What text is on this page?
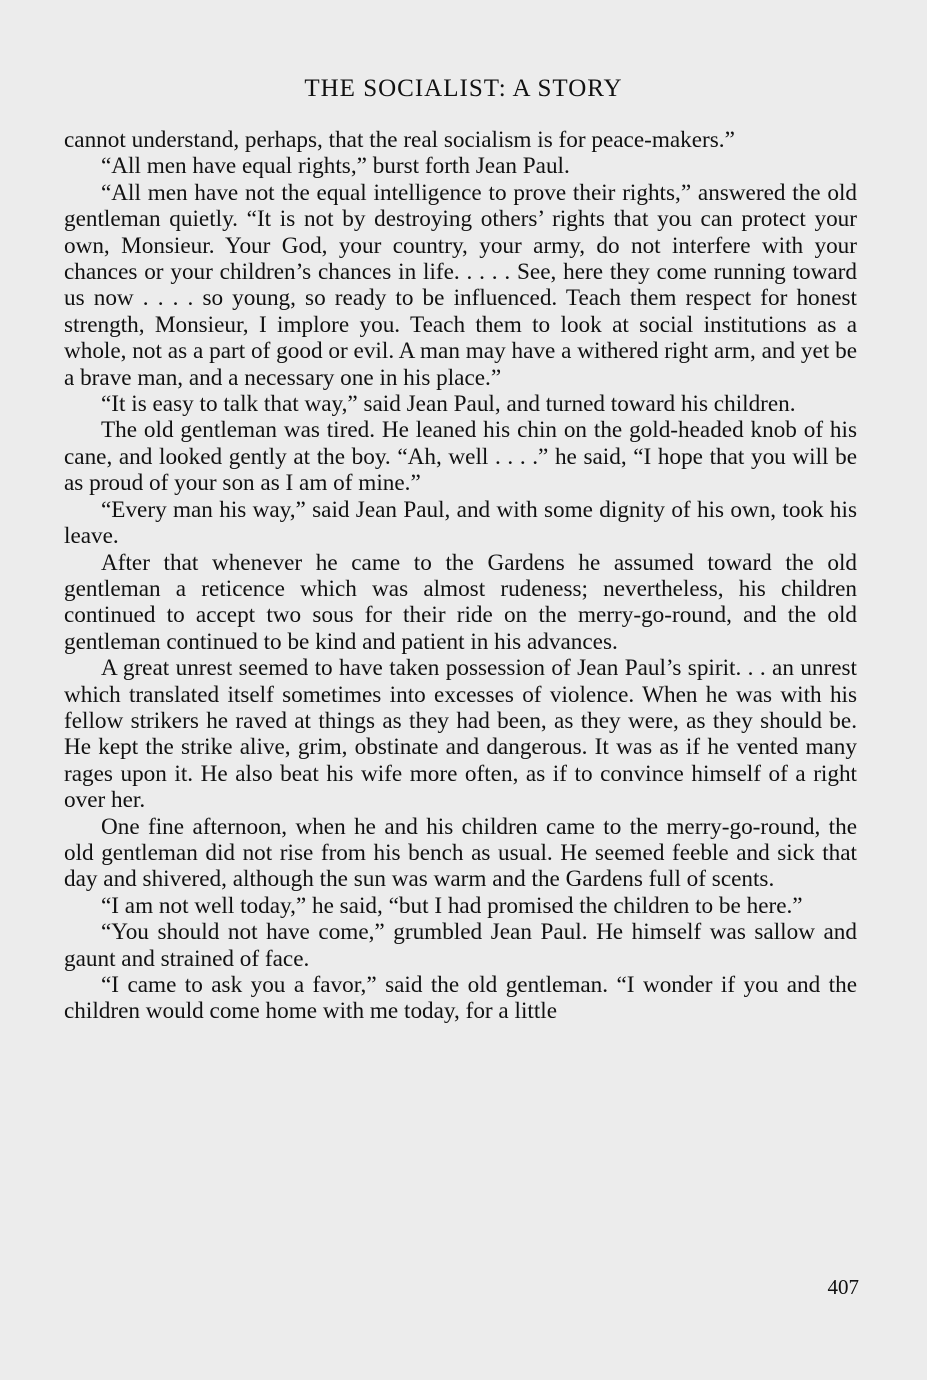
THE SOCIALIST: A STORY

cannot understand, perhaps, that the real socialism is for peace-makers.”

“All men have equal rights,” burst forth Jean Paul.

“All men have not the equal intelligence to prove their rights,” answered the old gentleman quietly. “It is not by destroying others’ rights that you can protect your own, Monsieur. Your God, your country, your army, do not interfere with your chances or your children’s chances in life. . . . . See, here they come running toward us now . . . . so young, so ready to be influenced. Teach them respect for honest strength, Monsieur, I implore you. Teach them to look at social institutions as a whole, not as a part of good or evil. A man may have a withered right arm, and yet be a brave man, and a necessary one in his place.”

“It is easy to talk that way,” said Jean Paul, and turned toward his children.

The old gentleman was tired. He leaned his chin on the gold-headed knob of his cane, and looked gently at the boy. “Ah, well . . . .” he said, “I hope that you will be as proud of your son as I am of mine.”

“Every man his way,” said Jean Paul, and with some dignity of his own, took his leave.

After that whenever he came to the Gardens he assumed toward the old gentleman a reticence which was almost rudeness; nevertheless, his children continued to accept two sous for their ride on the merry-go-round, and the old gentleman continued to be kind and patient in his advances.

A great unrest seemed to have taken possession of Jean Paul’s spirit. . . an unrest which translated itself sometimes into excesses of violence. When he was with his fellow strikers he raved at things as they had been, as they were, as they should be. He kept the strike alive, grim, obstinate and dangerous. It was as if he vented many rages upon it. He also beat his wife more often, as if to convince himself of a right over her.

One fine afternoon, when he and his children came to the merry-go-round, the old gentleman did not rise from his bench as usual. He seemed feeble and sick that day and shivered, although the sun was warm and the Gardens full of scents.

“I am not well today,” he said, “but I had promised the children to be here.”

“You should not have come,” grumbled Jean Paul. He himself was sallow and gaunt and strained of face.

“I came to ask you a favor,” said the old gentleman. “I wonder if you and the children would come home with me today, for a little

407
